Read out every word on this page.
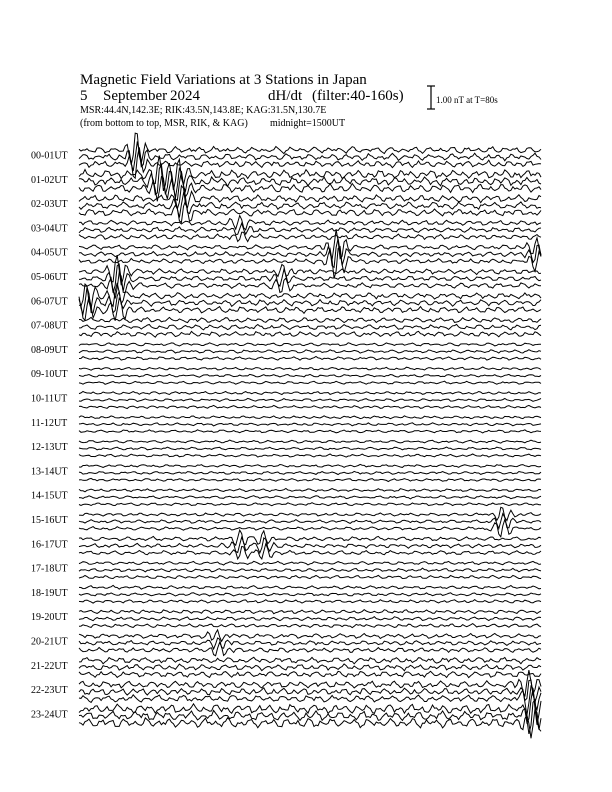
00-01UT
01-02UT
02-03UT
03-04UT
04-05UT
05-06UT
06-07UT
07-08UT
08-09UT
09-10UT
10-11UT
11-12UT
12-13UT
13-14UT
14-15UT
15-16UT
16-17UT
17-18UT
18-19UT
19-20UT
20-21UT
21-22UT
22-23UT
23-24UT
Magnetic Field Variations at 3 Stations in Japan
5 September 2024	dH/dt (filter:40-160s)
MSR:44.4N,142.3E; RIK:43.5N,143.8E; KAG:31.5N,130.7E
(from bottom to top, MSR, RIK, & KAG) midnight=1500UT
1.00 nT at T=80s
